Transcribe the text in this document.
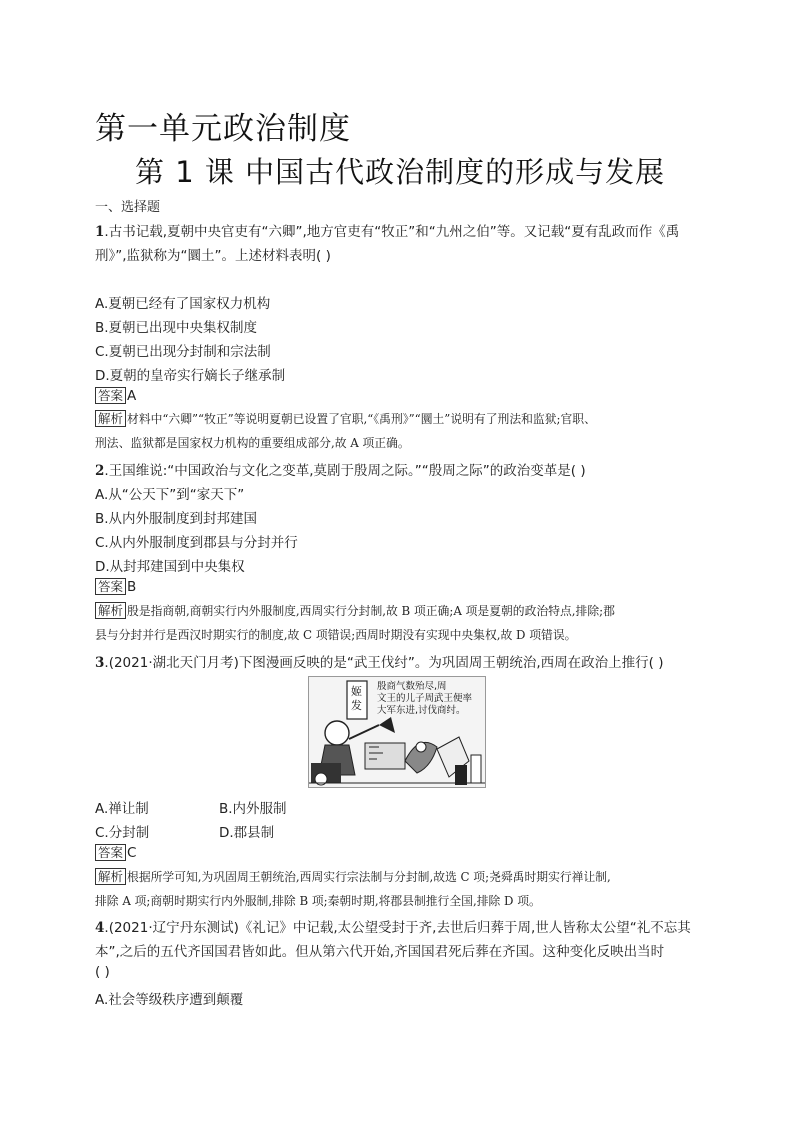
第一单元政治制度
第 1 课 中国古代政治制度的形成与发展
一、选择题
1.古书记载,夏朝中央官吏有“六卿”,地方官吏有“牧正”和“九州之伯”等。又记载“夏有乱政而作《禹
刑》”,监狱称为“圜土”。上述材料表明( )
A.夏朝已经有了国家权力机构
B.夏朝已出现中央集权制度
C.夏朝已出现分封制和宗法制
D.夏朝的皇帝实行嫡长子继承制
答案 A
解析 材料中“六卿”“牧正”等说明夏朝已设置了官职,“《禹刑》”“圜土”说明有了刑法和监狱;官职、
刑法、监狱都是国家权力机构的重要组成部分,故 A 项正确。
2.王国维说:“中国政治与文化之变革,莫剧于殷周之际。”“殷周之际”的政治变革是( )
A.从“公天下”到“家天下”
B.从内外服制度到封邦建国
C.从内外服制度到郡县与分封并行
D.从封邦建国到中央集权
答案 B
解析 殷是指商朝,商朝实行内外服制度,西周实行分封制,故 B 项正确;A 项是夏朝的政治特点,排除;郡
县与分封并行是西汉时期实行的制度,故 C 项错误;西周时期没有实现中央集权,故 D 项错误。
3.(2021·湖北天门月考)下图漫画反映的是“武王伐纣”。为巩固周王朝统治,西周在政治上推行( )
姬发
殷商气数殆尽,周
文王的儿子周武王便率
大军东进,讨伐商纣。
A.禅让制	B.内外服制
C.分封制	D.郡县制
答案 C
解析 根据所学可知,为巩固周王朝统治,西周实行宗法制与分封制,故选 C 项;尧舜禹时期实行禅让制,
排除 A 项;商朝时期实行内外服制,排除 B 项;秦朝时期,将郡县制推行全国,排除 D 项。
4.(2021·辽宁丹东测试)《礼记》中记载,太公望受封于齐,去世后归葬于周,世人皆称太公望“礼不忘其
本”,之后的五代齐国国君皆如此。但从第六代开始,齐国国君死后葬在齐国。这种变化反映出当时
( )
A.社会等级秩序遭到颠覆
